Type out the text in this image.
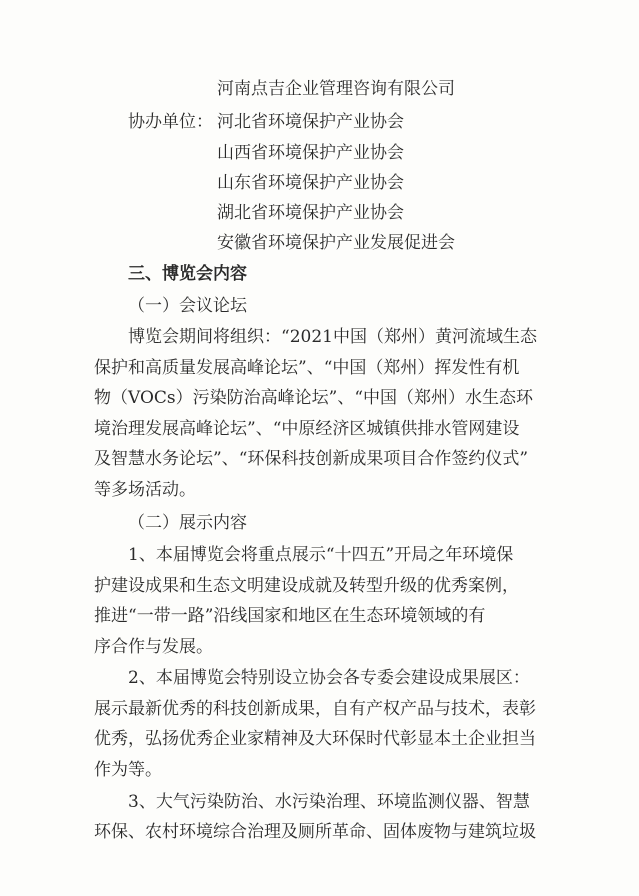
河南点吉企业管理咨询有限公司
协办单位： 河北省环境保护产业协会
山西省环境保护产业协会
山东省环境保护产业协会
湖北省环境保护产业协会
安徽省环境保护产业发展促进会
三、博览会内容
（一）会议论坛
博览会期间将组织：“2021中国（郑州）黄河流域生态
保护和高质量发展高峰论坛”、“中国（郑州）挥发性有机
物（VOCs）污染防治高峰论坛”、“中国（郑州）水生态环
境治理发展高峰论坛”、“中原经济区城镇供排水管网建设
及智慧水务论坛”、“环保科技创新成果项目合作签约仪式”
等多场活动。
（二）展示内容
1、本届博览会将重点展示“十四五”开局之年环境保
护建设成果和生态文明建设成就及转型升级的优秀案例，
推进“一带一路”沿线国家和地区在生态环境领域的有
序合作与发展。
2、本届博览会特别设立协会各专委会建设成果展区：
展示最新优秀的科技创新成果，自有产权产品与技术，表彰
优秀，弘扬优秀企业家精神及大环保时代彰显本土企业担当
作为等。
3、大气污染防治、水污染治理、环境监测仪器、智慧
环保、农村环境综合治理及厕所革命、固体废物与建筑垃圾
